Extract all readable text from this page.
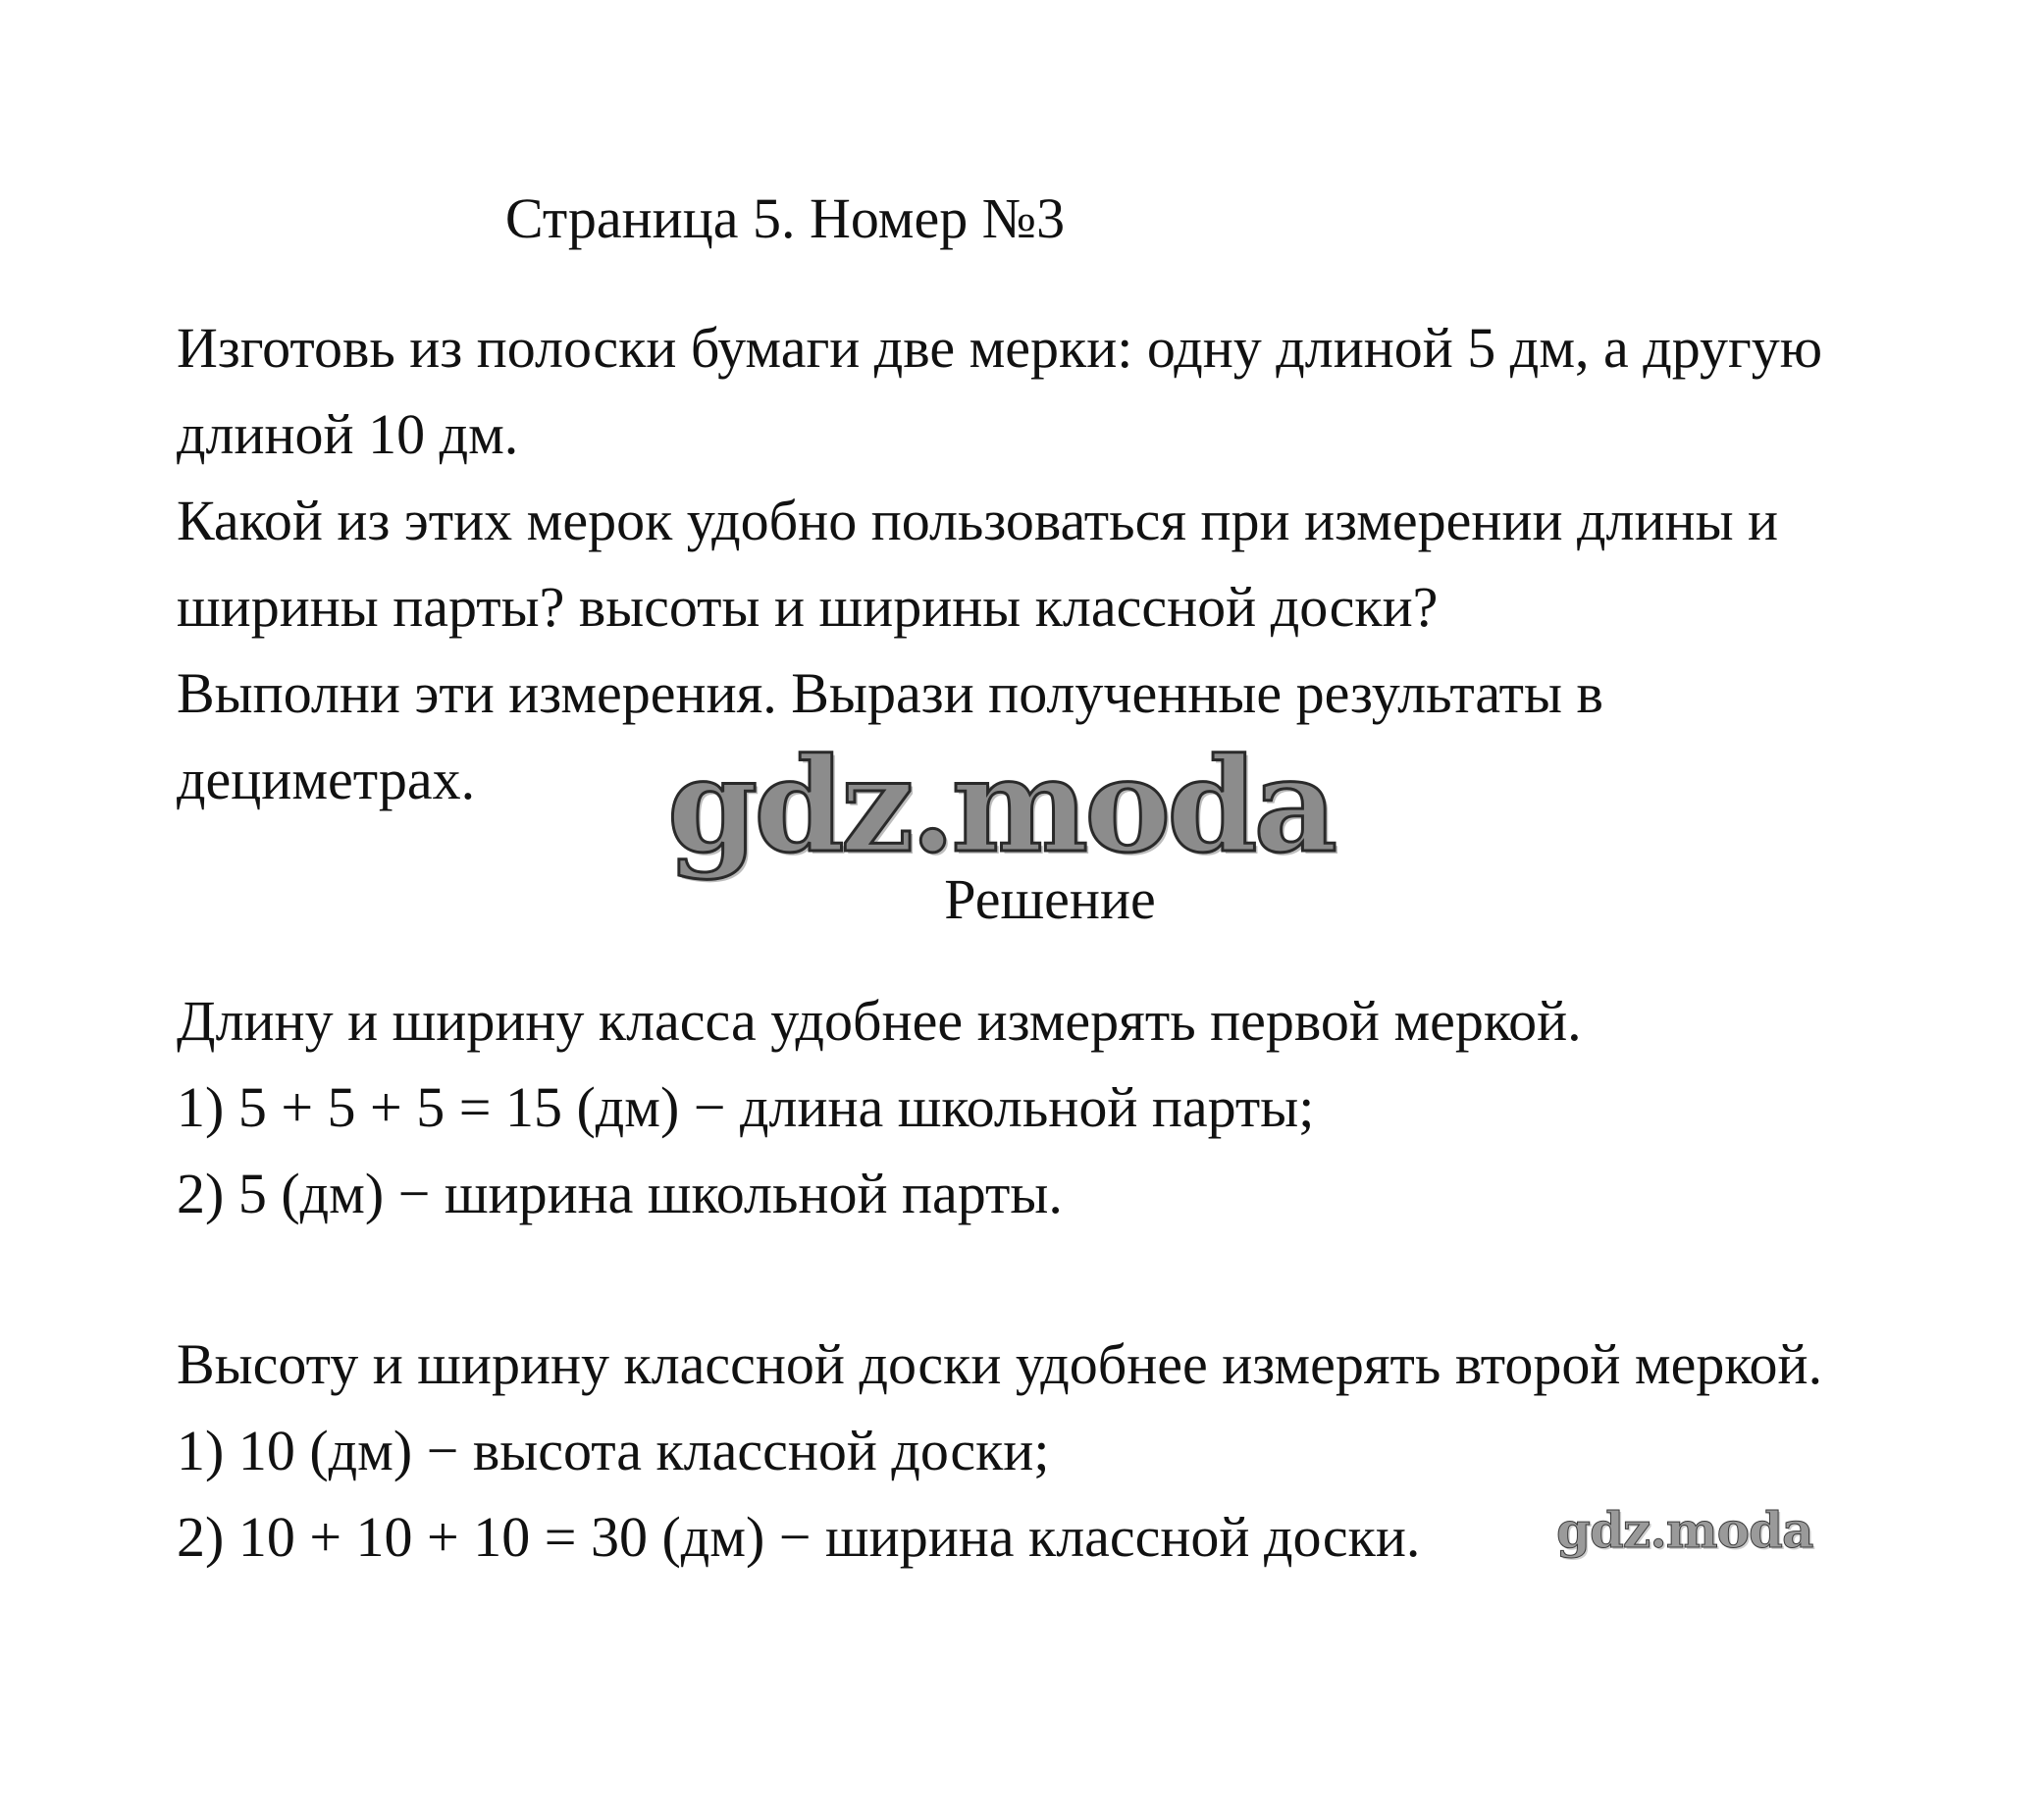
Страница 5. Номер №3
Изготовь из полоски бумаги две мерки: одну длиной 5 дм, а другую
длиной 10 дм.
Какой из этих мерок удобно пользоваться при измерении длины и
ширины парты? высоты и ширины классной доски?
Выполни эти измерения. Вырази полученные результаты в
дециметрах. gdz.moda
Решение
Длину и ширину класса удобнее измерять первой меркой.
1) 5 + 5 + 5 = 15 (дм) − длина школьной парты;
2) 5 (дм) − ширина школьной парты.
Высоту и ширину классной доски удобнее измерять второй меркой.
1) 10 (дм) − высота классной доски;
2) 10 + 10 + 10 = 30 (дм) − ширина классной доски.	gdz.moda
